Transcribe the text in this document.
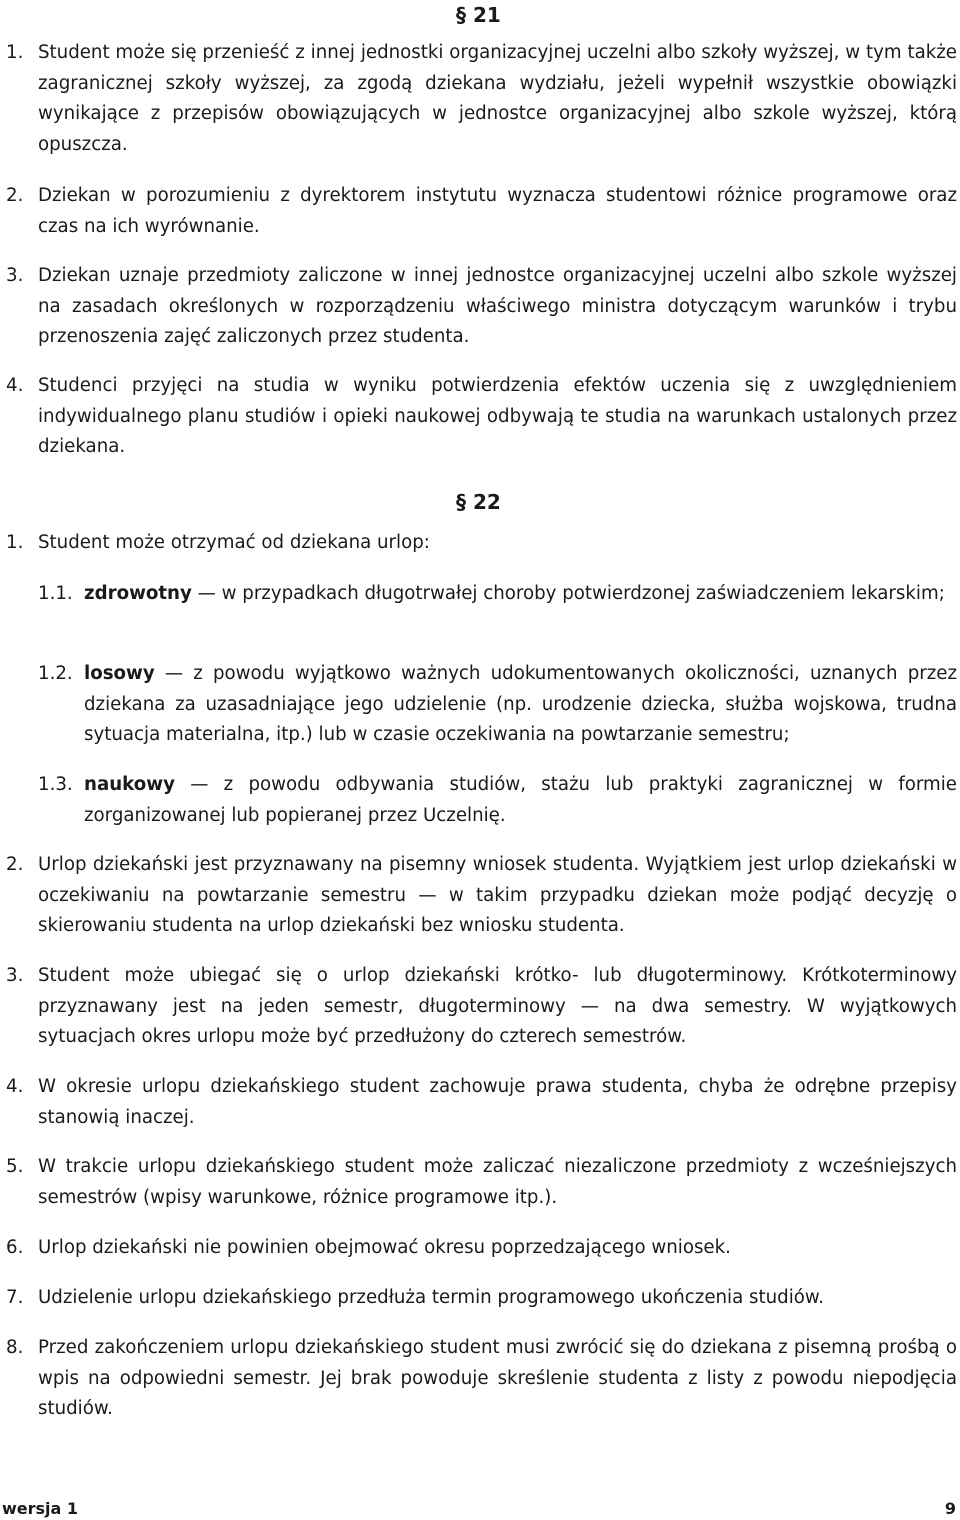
§ 21
1. Student może się przenieść z innej jednostki organizacyjnej uczelni albo szkoły wyższej, w tym także zagranicznej szkoły wyższej, za zgodą dziekana wydziału, jeżeli wypełnił wszystkie obowiązki wynikające z przepisów obowiązujących w jednostce organizacyjnej albo szkole wyższej, którą opuszcza.
2. Dziekan w porozumieniu z dyrektorem instytutu wyznacza studentowi różnice programowe oraz czas na ich wyrównanie.
3. Dziekan uznaje przedmioty zaliczone w innej jednostce organizacyjnej uczelni albo szkole wyższej na zasadach określonych w rozporządzeniu właściwego ministra dotyczącym warunków i trybu przenoszenia zajęć zaliczonych przez studenta.
4. Studenci przyjęci na studia w wyniku potwierdzenia efektów uczenia się z uwzględnieniem indywidualnego planu studiów i opieki naukowej odbywają te studia na warunkach ustalonych przez dziekana.
§ 22
1. Student może otrzymać od dziekana urlop:
1.1. zdrowotny — w przypadkach długotrwałej choroby potwierdzonej zaświadczeniem lekarskim;
1.2. losowy — z powodu wyjątkowo ważnych udokumentowanych okoliczności, uznanych przez dziekana za uzasadniające jego udzielenie (np. urodzenie dziecka, służba wojskowa, trudna sytuacja materialna, itp.) lub w czasie oczekiwania na powtarzanie semestru;
1.3. naukowy — z powodu odbywania studiów, stażu lub praktyki zagranicznej w formie zorganizowanej lub popieranej przez Uczelnię.
2. Urlop dziekański jest przyznawany na pisemny wniosek studenta. Wyjątkiem jest urlop dziekański w oczekiwaniu na powtarzanie semestru — w takim przypadku dziekan może podjąć decyzję o skierowaniu studenta na urlop dziekański bez wniosku studenta.
3. Student może ubiegać się o urlop dziekański krótko- lub długoterminowy. Krótkoterminowy przyznawany jest na jeden semestr, długoterminowy — na dwa semestry. W wyjątkowych sytuacjach okres urlopu może być przedłużony do czterech semestrów.
4. W okresie urlopu dziekańskiego student zachowuje prawa studenta, chyba że odrębne przepisy stanowią inaczej.
5. W trakcie urlopu dziekańskiego student może zaliczać niezaliczone przedmioty z wcześniejszych semestrów (wpisy warunkowe, różnice programowe itp.).
6. Urlop dziekański nie powinien obejmować okresu poprzedzającego wniosek.
7. Udzielenie urlopu dziekańskiego przedłuża termin programowego ukończenia studiów.
8. Przed zakończeniem urlopu dziekańskiego student musi zwrócić się do dziekana z pisemną prośbą o wpis na odpowiedni semestr. Jej brak powoduje skreślenie studenta z listy z powodu niepodjęcia studiów.
wersja 1	9
